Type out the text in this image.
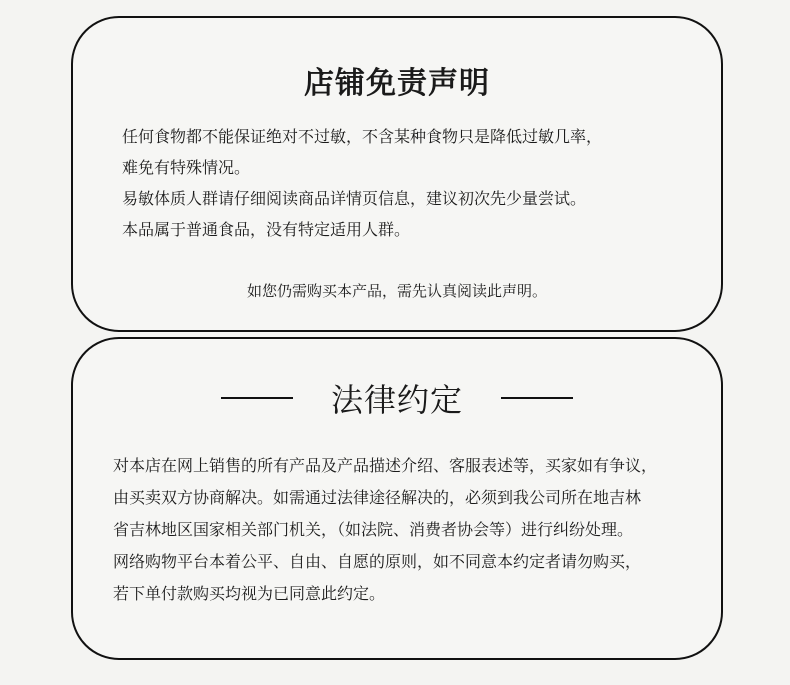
店铺免责声明
任何食物都不能保证绝对不过敏，不含某种食物只是降低过敏几率，
难免有特殊情况。
易敏体质人群请仔细阅读商品详情页信息，建议初次先少量尝试。
本品属于普通食品，没有特定适用人群。
如您仍需购买本产品，需先认真阅读此声明。
法律约定
对本店在网上销售的所有产品及产品描述介绍、客服表述等，买家如有争议，
由买卖双方协商解决。如需通过法律途径解决的，必须到我公司所在地吉林
省吉林地区国家相关部门机关，（如法院、消费者协会等）进行纠纷处理。
网络购物平台本着公平、自由、自愿的原则，如不同意本约定者请勿购买，
若下单付款购买均视为已同意此约定。
